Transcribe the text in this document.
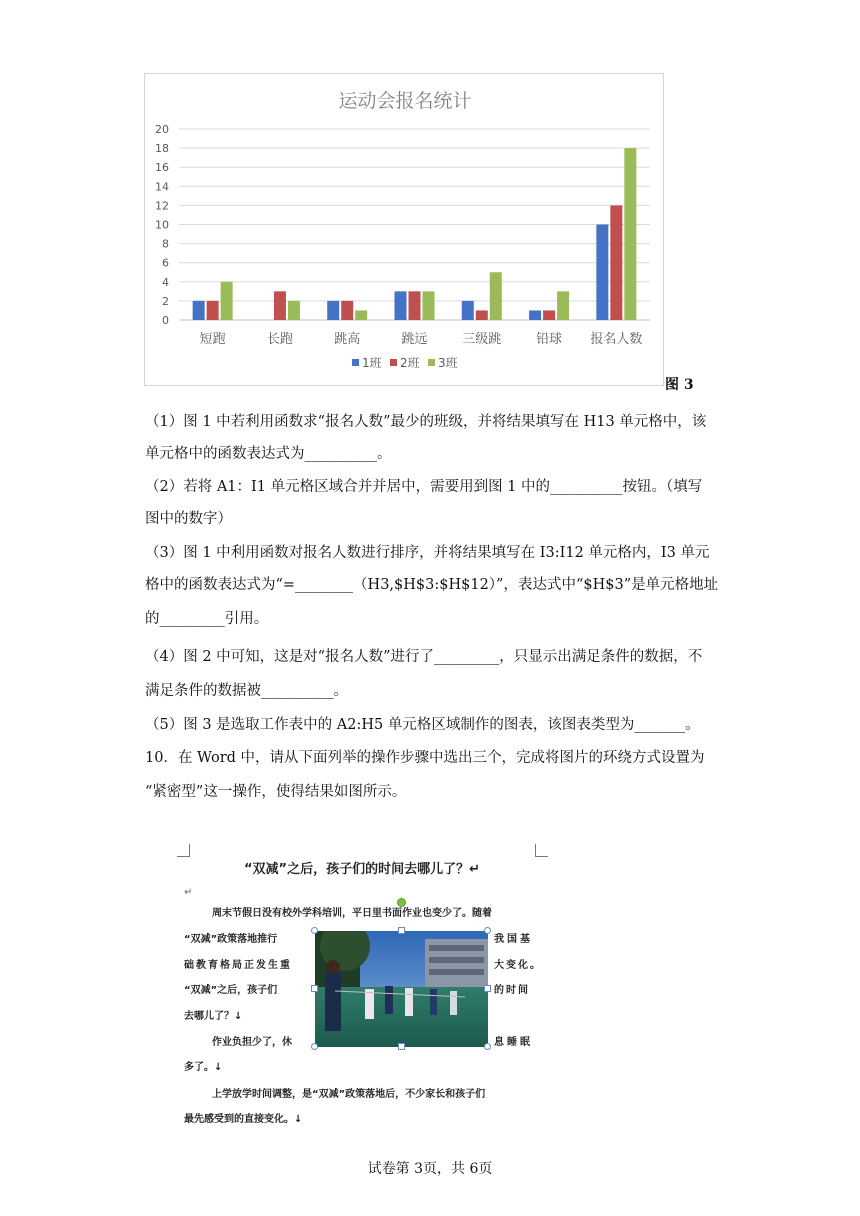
运动会报名统计
0
2
4
6
8
10
12
14
16
18
20
短跑	长跑	跳高	跳远	三级跳	铅球 报名人数
1班 2班 3班
图 3
（1）图 1 中若利用函数求“报名人数”最少的班级，并将结果填写在 H13 单元格中，该
单元格中的函数表达式为__________。
（2）若将 A1：I1 单元格区域合并并居中，需要用到图 1 中的__________按钮。（填写
图中的数字）
（3）图 1 中利用函数对报名人数进行排序，并将结果填写在 I3:I12 单元格内，I3 单元
格中的函数表达式为“=________（H3,$H$3:$H$12）”，表达式中“$H$3”是单元格地址
的_________引用。
（4）图 2 中可知，这是对“报名人数”进行了_________，只显示出满足条件的数据，不
满足条件的数据被__________。
（5）图 3 是选取工作表中的 A2:H5 单元格区域制作的图表，该图表类型为_______。
10．在 Word 中，请从下面列举的操作步骤中选出三个，完成将图片的环绕方式设置为
“紧密型”这一操作，使得结果如图所示。
“双减”之后，孩子们的时间去哪儿了？↵
↵
周末节假日没有校外学科培训，平日里书面作业也变少了。随着
“双减”政策落地推行	我国基
础教育格局正发生重	大变化。
“双减”之后，孩子们	的时间
去哪儿了？↓
作业负担少了，休	息睡眠
多了。↓
上学放学时间调整，是“双减”政策落地后，不少家长和孩子们
最先感受到的直接变化。↓
试卷第 3页，共 6页
